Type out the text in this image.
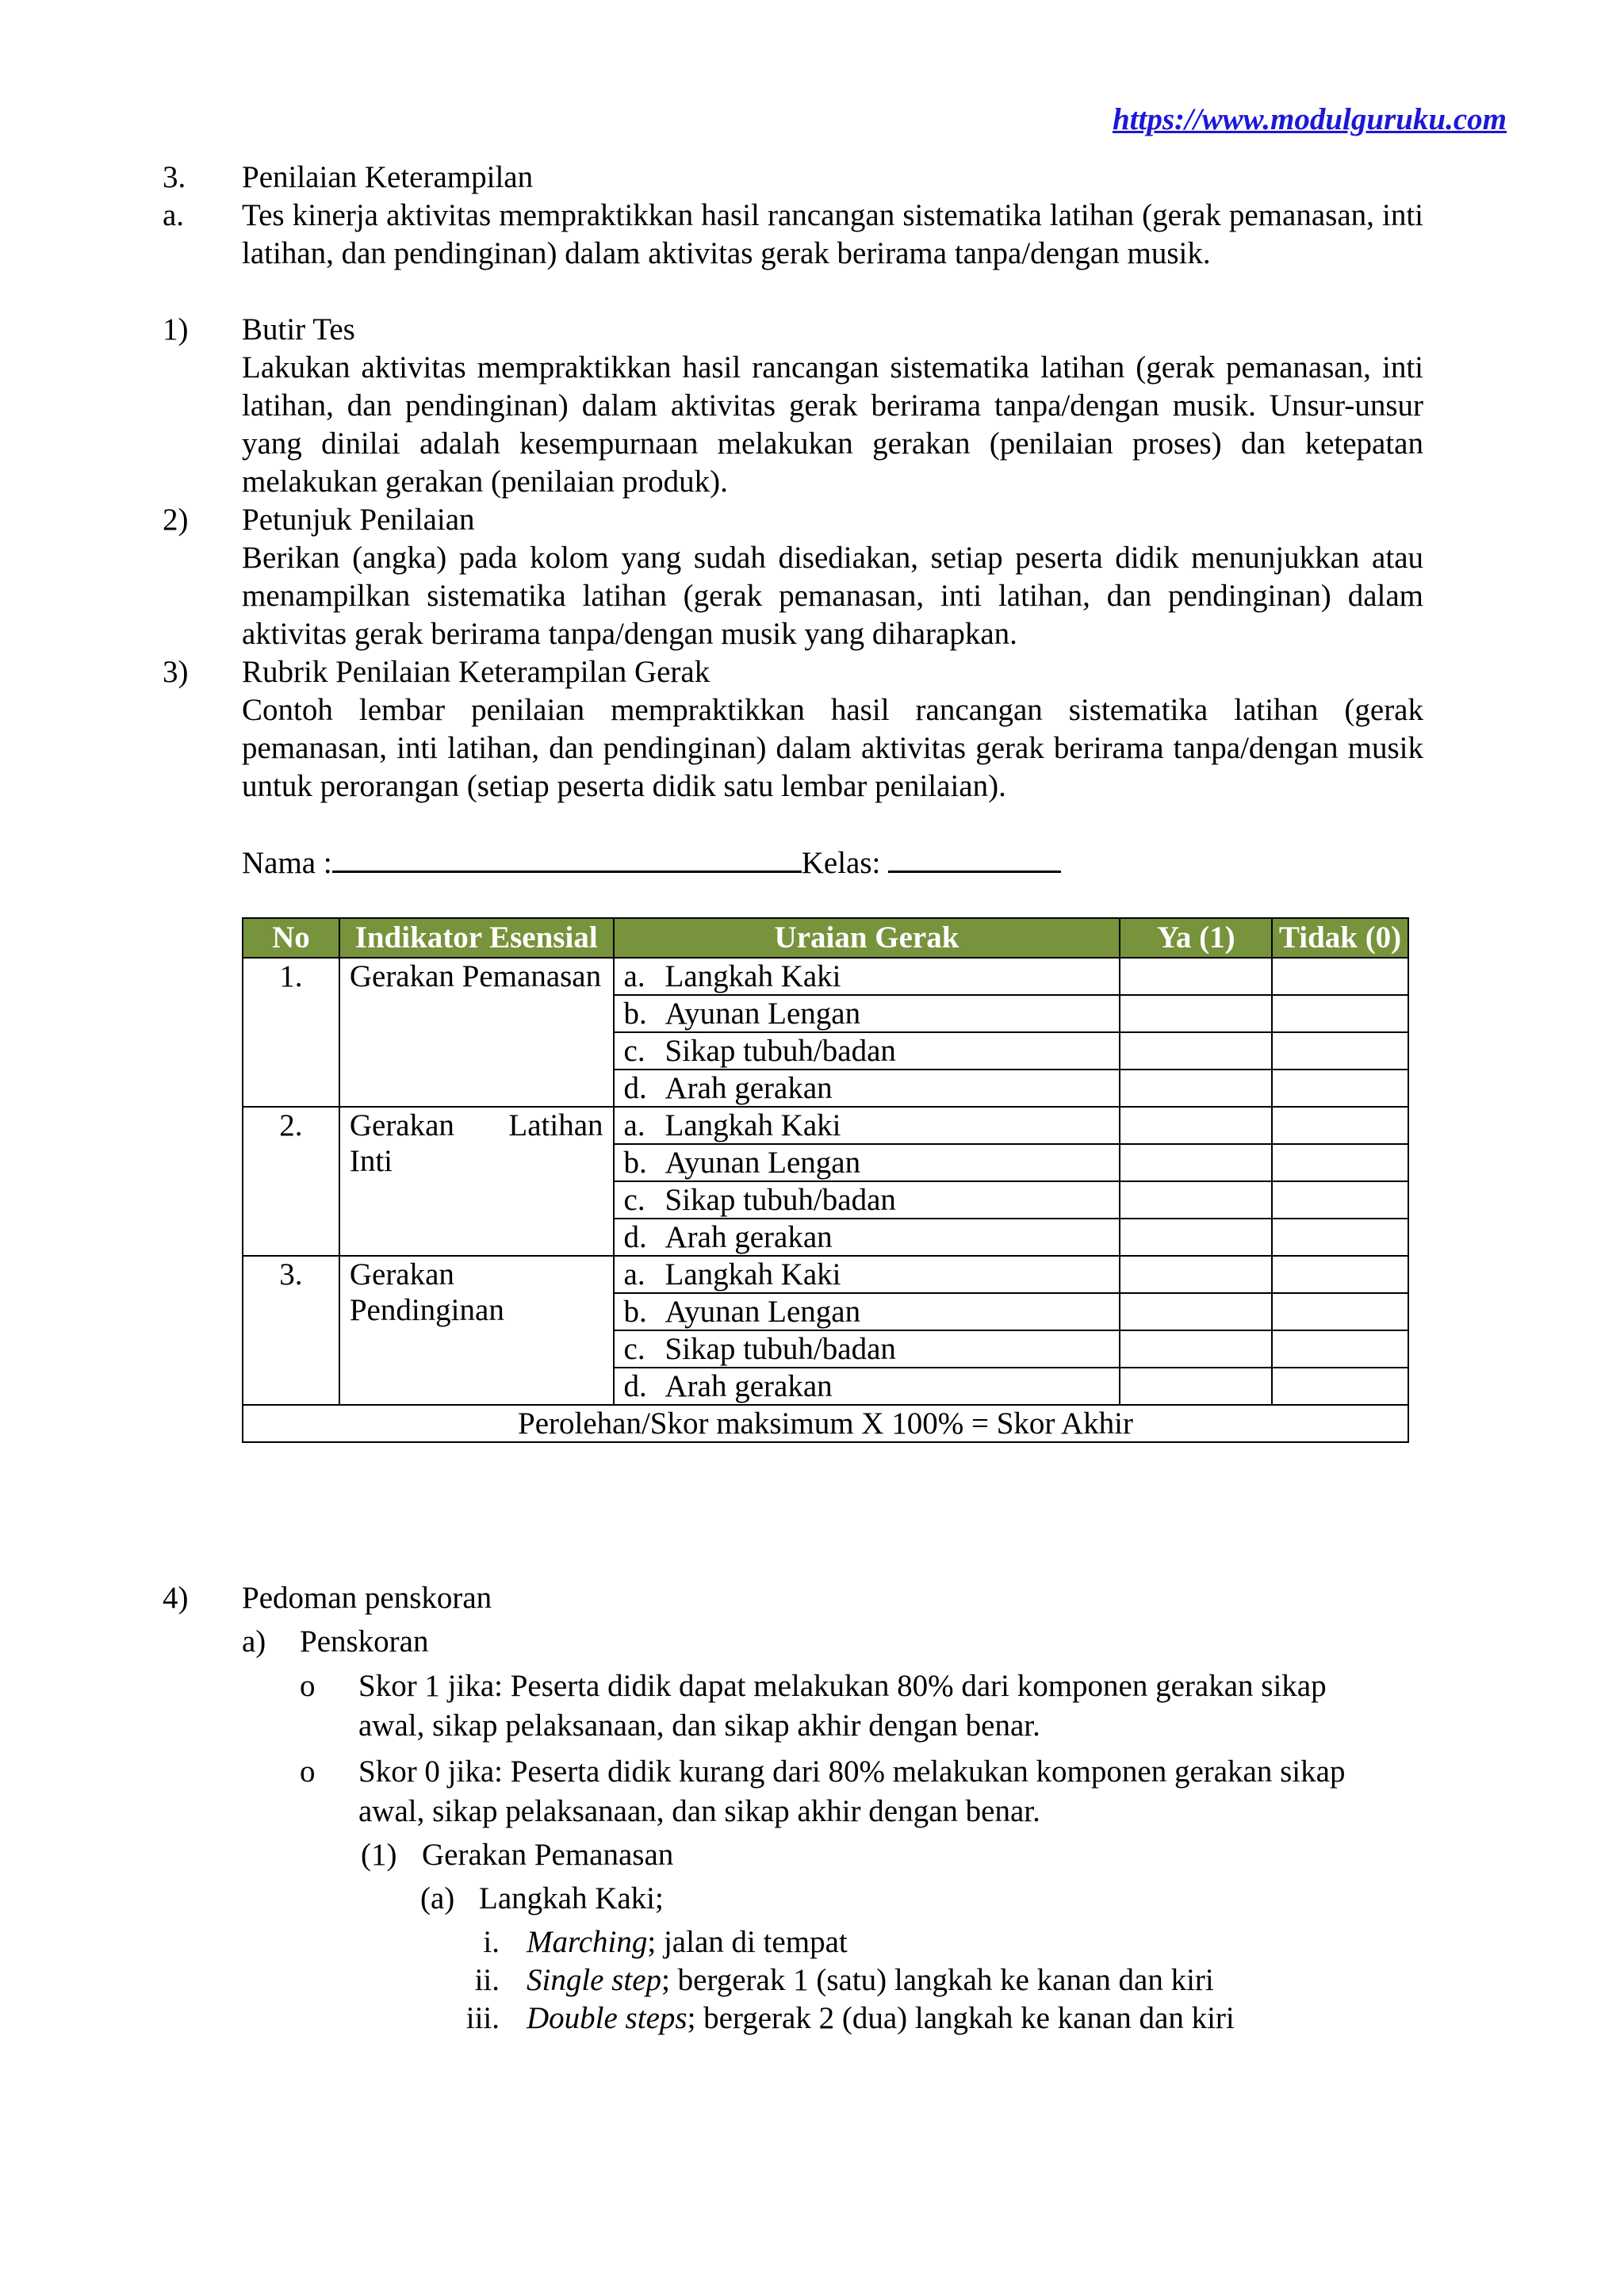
https://www.modulguruku.com
3. Penilaian Keterampilan
a. Tes kinerja aktivitas mempraktikkan hasil rancangan sistematika latihan (gerak pemanasan, inti latihan, dan pendinginan) dalam aktivitas gerak berirama tanpa/dengan musik.
1) Butir Tes
Lakukan aktivitas mempraktikkan hasil rancangan sistematika latihan (gerak pemanasan, inti latihan, dan pendinginan) dalam aktivitas gerak berirama tanpa/dengan musik. Unsur-unsur yang dinilai adalah kesempurnaan melakukan gerakan (penilaian proses) dan ketepatan melakukan gerakan (penilaian produk).
2) Petunjuk Penilaian
Berikan (angka) pada kolom yang sudah disediakan, setiap peserta didik menunjukkan atau menampilkan sistematika latihan (gerak pemanasan, inti latihan, dan pendinginan) dalam aktivitas gerak berirama tanpa/dengan musik yang diharapkan.
3) Rubrik Penilaian Keterampilan Gerak
Contoh lembar penilaian mempraktikkan hasil rancangan sistematika latihan (gerak pemanasan, inti latihan, dan pendinginan) dalam aktivitas gerak berirama tanpa/dengan musik untuk perorangan (setiap peserta didik satu lembar penilaian).
Nama :	Kelas:
No	Indikator Esensial	Uraian Gerak	Ya (1)	Tidak (0)
1.	Gerakan Pemanasan	a. Langkah Kaki		
		b. Ayunan Lengan		
		c. Sikap tubuh/badan		
		d. Arah gerakan		
2.	Gerakan Latihan Inti	a. Langkah Kaki		
		b. Ayunan Lengan		
		c. Sikap tubuh/badan		
		d. Arah gerakan		
3.	Gerakan Pendinginan	a. Langkah Kaki		
		b. Ayunan Lengan		
		c. Sikap tubuh/badan		
		d. Arah gerakan		
Perolehan/Skor maksimum X 100% = Skor Akhir				
4) Pedoman penskoran
a) Penskoran
o Skor 1 jika: Peserta didik dapat melakukan 80% dari komponen gerakan sikap
awal, sikap pelaksanaan, dan sikap akhir dengan benar.
o Skor 0 jika: Peserta didik kurang dari 80% melakukan komponen gerakan sikap
awal, sikap pelaksanaan, dan sikap akhir dengan benar.
(1) Gerakan Pemanasan
(a) Langkah Kaki;
i. Marching; jalan di tempat
ii. Single step; bergerak 1 (satu) langkah ke kanan dan kiri
iii. Double steps; bergerak 2 (dua) langkah ke kanan dan kiri
